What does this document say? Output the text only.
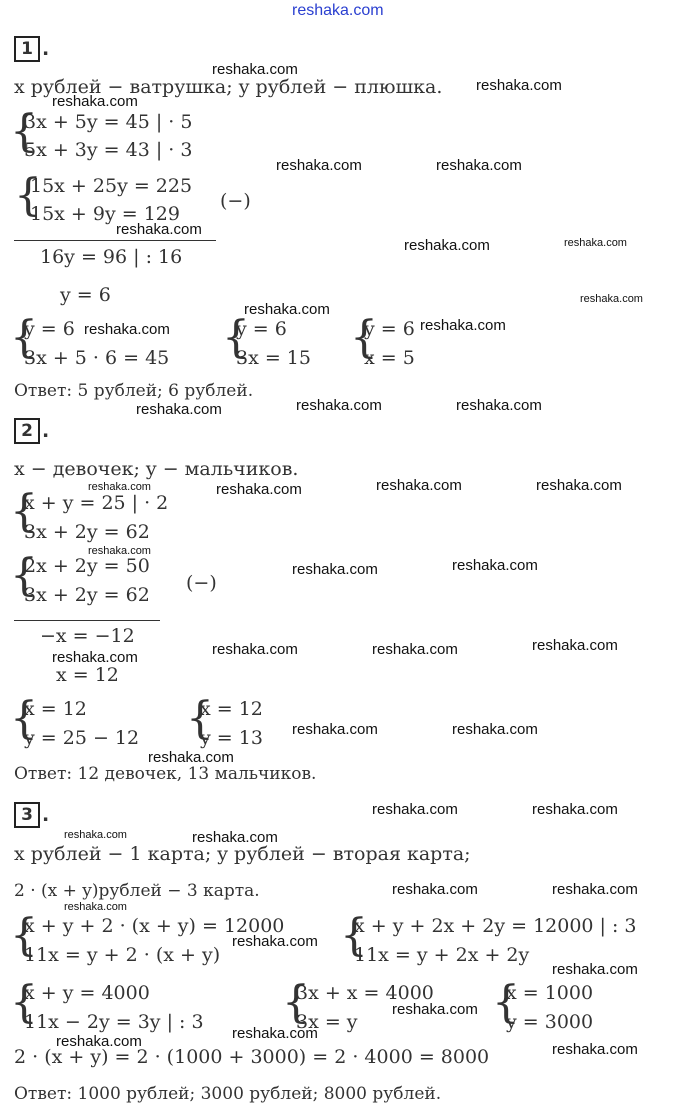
reshaka.com
1 .
x рублей − ватрушка; y рублей − плюшка.
{
3x + 5y = 45 | · 5
5x + 3y = 43 | · 3
{
15x + 25y = 225
15x + 9y = 129
(−)
16y = 96 | : 16
y = 6
{
y = 6
3x + 5 · 6 = 45 {
y = 6
3x = 15 {
y = 6
x = 5
Ответ: 5 рублей; 6 рублей.
2 .
x − девочек; y − мальчиков.
{
x + y = 25 | · 2
3x + 2y = 62
{
2x + 2y = 50
3x + 2y = 62
(−)
−x = −12
x = 12
{
x = 12
y = 25 − 12 {
x = 12
y = 13
Ответ: 12 девочек, 13 мальчиков.
3 .
x рублей − 1 карта; y рублей − вторая карта;
2 · (x + y)рублей − 3 карта.
{
x + y + 2 · (x + y) = 12000
11x = y + 2 · (x + y)	{
x + y + 2x + 2y = 12000 | : 3
11x = y + 2x + 2y
{
x + y = 4000
11x − 2y = 3y | : 3 {
3x + x = 4000
3x = y	{
x = 1000
y = 3000
2 · (x + y) = 2 · (1000 + 3000) = 2 · 4000 = 8000
Ответ: 1000 рублей; 3000 рублей; 8000 рублей.
reshaka.com
reshaka.com
reshaka.com
reshaka.com	reshaka.com
reshaka.com
reshaka.com	reshaka.com
reshaka.com
reshaka.com
reshaka.com	reshaka.com
reshaka.com	reshaka.com	reshaka.com
reshaka.com	reshaka.com	reshaka.com	reshaka.com
reshaka.com
reshaka.com	reshaka.com
reshaka.com	reshaka.com	reshaka.com
reshaka.com
reshaka.com	reshaka.com
reshaka.com
reshaka.com	reshaka.com
reshaka.com	reshaka.com
reshaka.com	reshaka.com
reshaka.com
reshaka.com
reshaka.com
reshaka.com
reshaka.com
reshaka.com	reshaka.com
